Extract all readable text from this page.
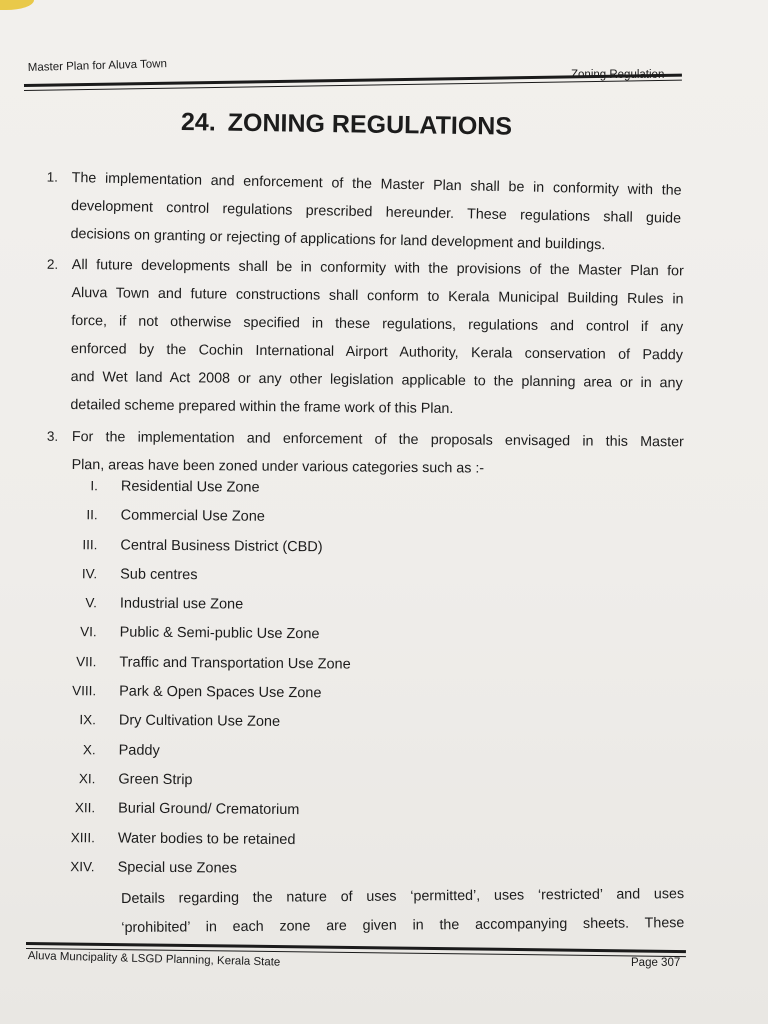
Master Plan for Aluva Town
24. ZONING REGULATIONS
1. The implementation and enforcement of the Master Plan shall be in conformity with the
development control regulations prescribed hereunder. These regulations shall guide
decisions on granting or rejecting of applications for land development and buildings.
2. All future developments shall be in conformity with the provisions of the Master Plan for
Aluva Town and future constructions shall conform to Kerala Municipal Building Rules in
force, if not otherwise specified in these regulations, regulations and control if any
enforced by the Cochin International Airport Authority, Kerala conservation of Paddy
and Wet land Act 2008 or any other legislation applicable to the planning area or in any
detailed scheme prepared within the frame work of this Plan.
3. For the implementation and enforcement of the proposals envisaged in this Master
Plan, areas have been zoned under various categories such as :-
I. Residential Use Zone
II. Commercial Use Zone
III. Central Business District (CBD)
IV. Sub centres
V. Industrial use Zone
VI. Public & Semi-public Use Zone
VII. Traffic and Transportation Use Zone
VIII. Park & Open Spaces Use Zone
IX. Dry Cultivation Use Zone
X. Paddy
XI. Green Strip
XII. Burial Ground/ Crematorium
XIII. Water bodies to be retained
XIV. Special use Zones
Details regarding the nature of uses ‘permitted’, uses ‘restricted’ and uses
‘prohibited’ in each zone are given in the accompanying sheets. These
Aluva Muncipality & LSGD Planning, Kerala State	Page 307
